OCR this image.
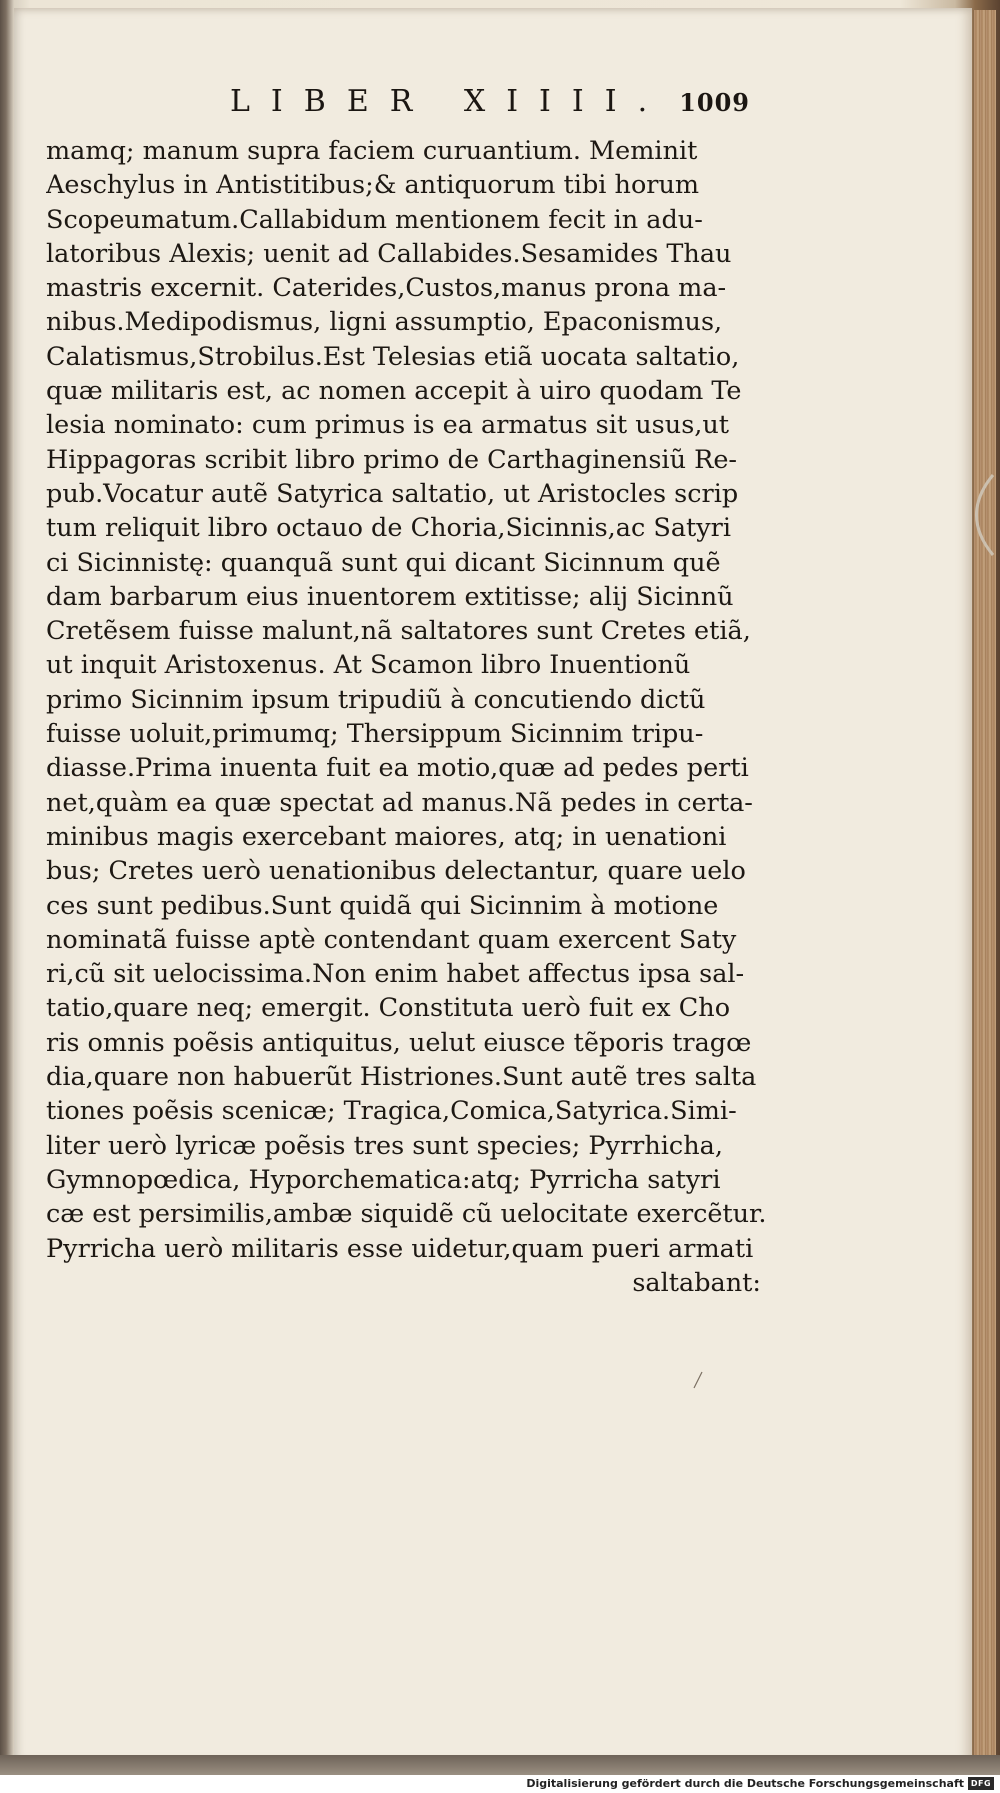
LIBER XIIII. 1009
mamq; manum supra faciem curuantium. Meminit
Aeschylus in Antistitibus;& antiquorum tibi horum
Scopeumatum.Callabidum mentionem fecit in adu-
latoribus Alexis; uenit ad Callabides.Sesamides Thau
mastris excernit. Caterides,Custos,manus prona ma-
nibus.Medipodismus, ligni assumptio, Epaconismus,
Calatismus,Strobilus.Est Telesias etiã uocata saltatio,
quæ militaris est, ac nomen accepit à uiro quodam Te
lesia nominato: cum primus is ea armatus sit usus,ut
Hippagoras scribit libro primo de Carthaginensiũ Re-
pub.Vocatur autẽ Satyrica saltatio, ut Aristocles scrip
tum reliquit libro octauo de Choria,Sicinnis,ac Satyri
ci Sicinnistę: quanquã sunt qui dicant Sicinnum quẽ
dam barbarum eius inuentorem extitisse; alij Sicinnũ
Cretẽsem fuisse malunt,nã saltatores sunt Cretes etiã,
ut inquit Aristoxenus. At Scamon libro Inuentionũ
primo Sicinnim ipsum tripudiũ à concutiendo dictũ
fuisse uoluit,primumq; Thersippum Sicinnim tripu-
diasse.Prima inuenta fuit ea motio,quæ ad pedes perti
net,quàm ea quæ spectat ad manus.Nã pedes in certa-
minibus magis exercebant maiores, atq; in uenationi
bus; Cretes uerò uenationibus delectantur, quare uelo
ces sunt pedibus.Sunt quidã qui Sicinnim à motione
nominatã fuisse aptè contendant quam exercent Saty
ri,cũ sit uelocissima.Non enim habet affectus ipsa sal-
tatio,quare neq; emergit. Constituta uerò fuit ex Cho
ris omnis poẽsis antiquitus, uelut eiusce tẽporis tragœ
dia,quare non habuerũt Histriones.Sunt autẽ tres salta
tiones poẽsis scenicæ; Tragica,Comica,Satyrica.Simi-
liter uerò lyricæ poẽsis tres sunt species; Pyrrhicha,
Gymnopœdica, Hyporchematica:atq; Pyrricha satyri
cæ est persimilis,ambæ siquidẽ cũ uelocitate exercẽtur.
Pyrricha uerò militaris esse uidetur,quam pueri armati
saltabant:
Digitalisierung gefördert durch die Deutsche Forschungsgemeinschaft DFG
